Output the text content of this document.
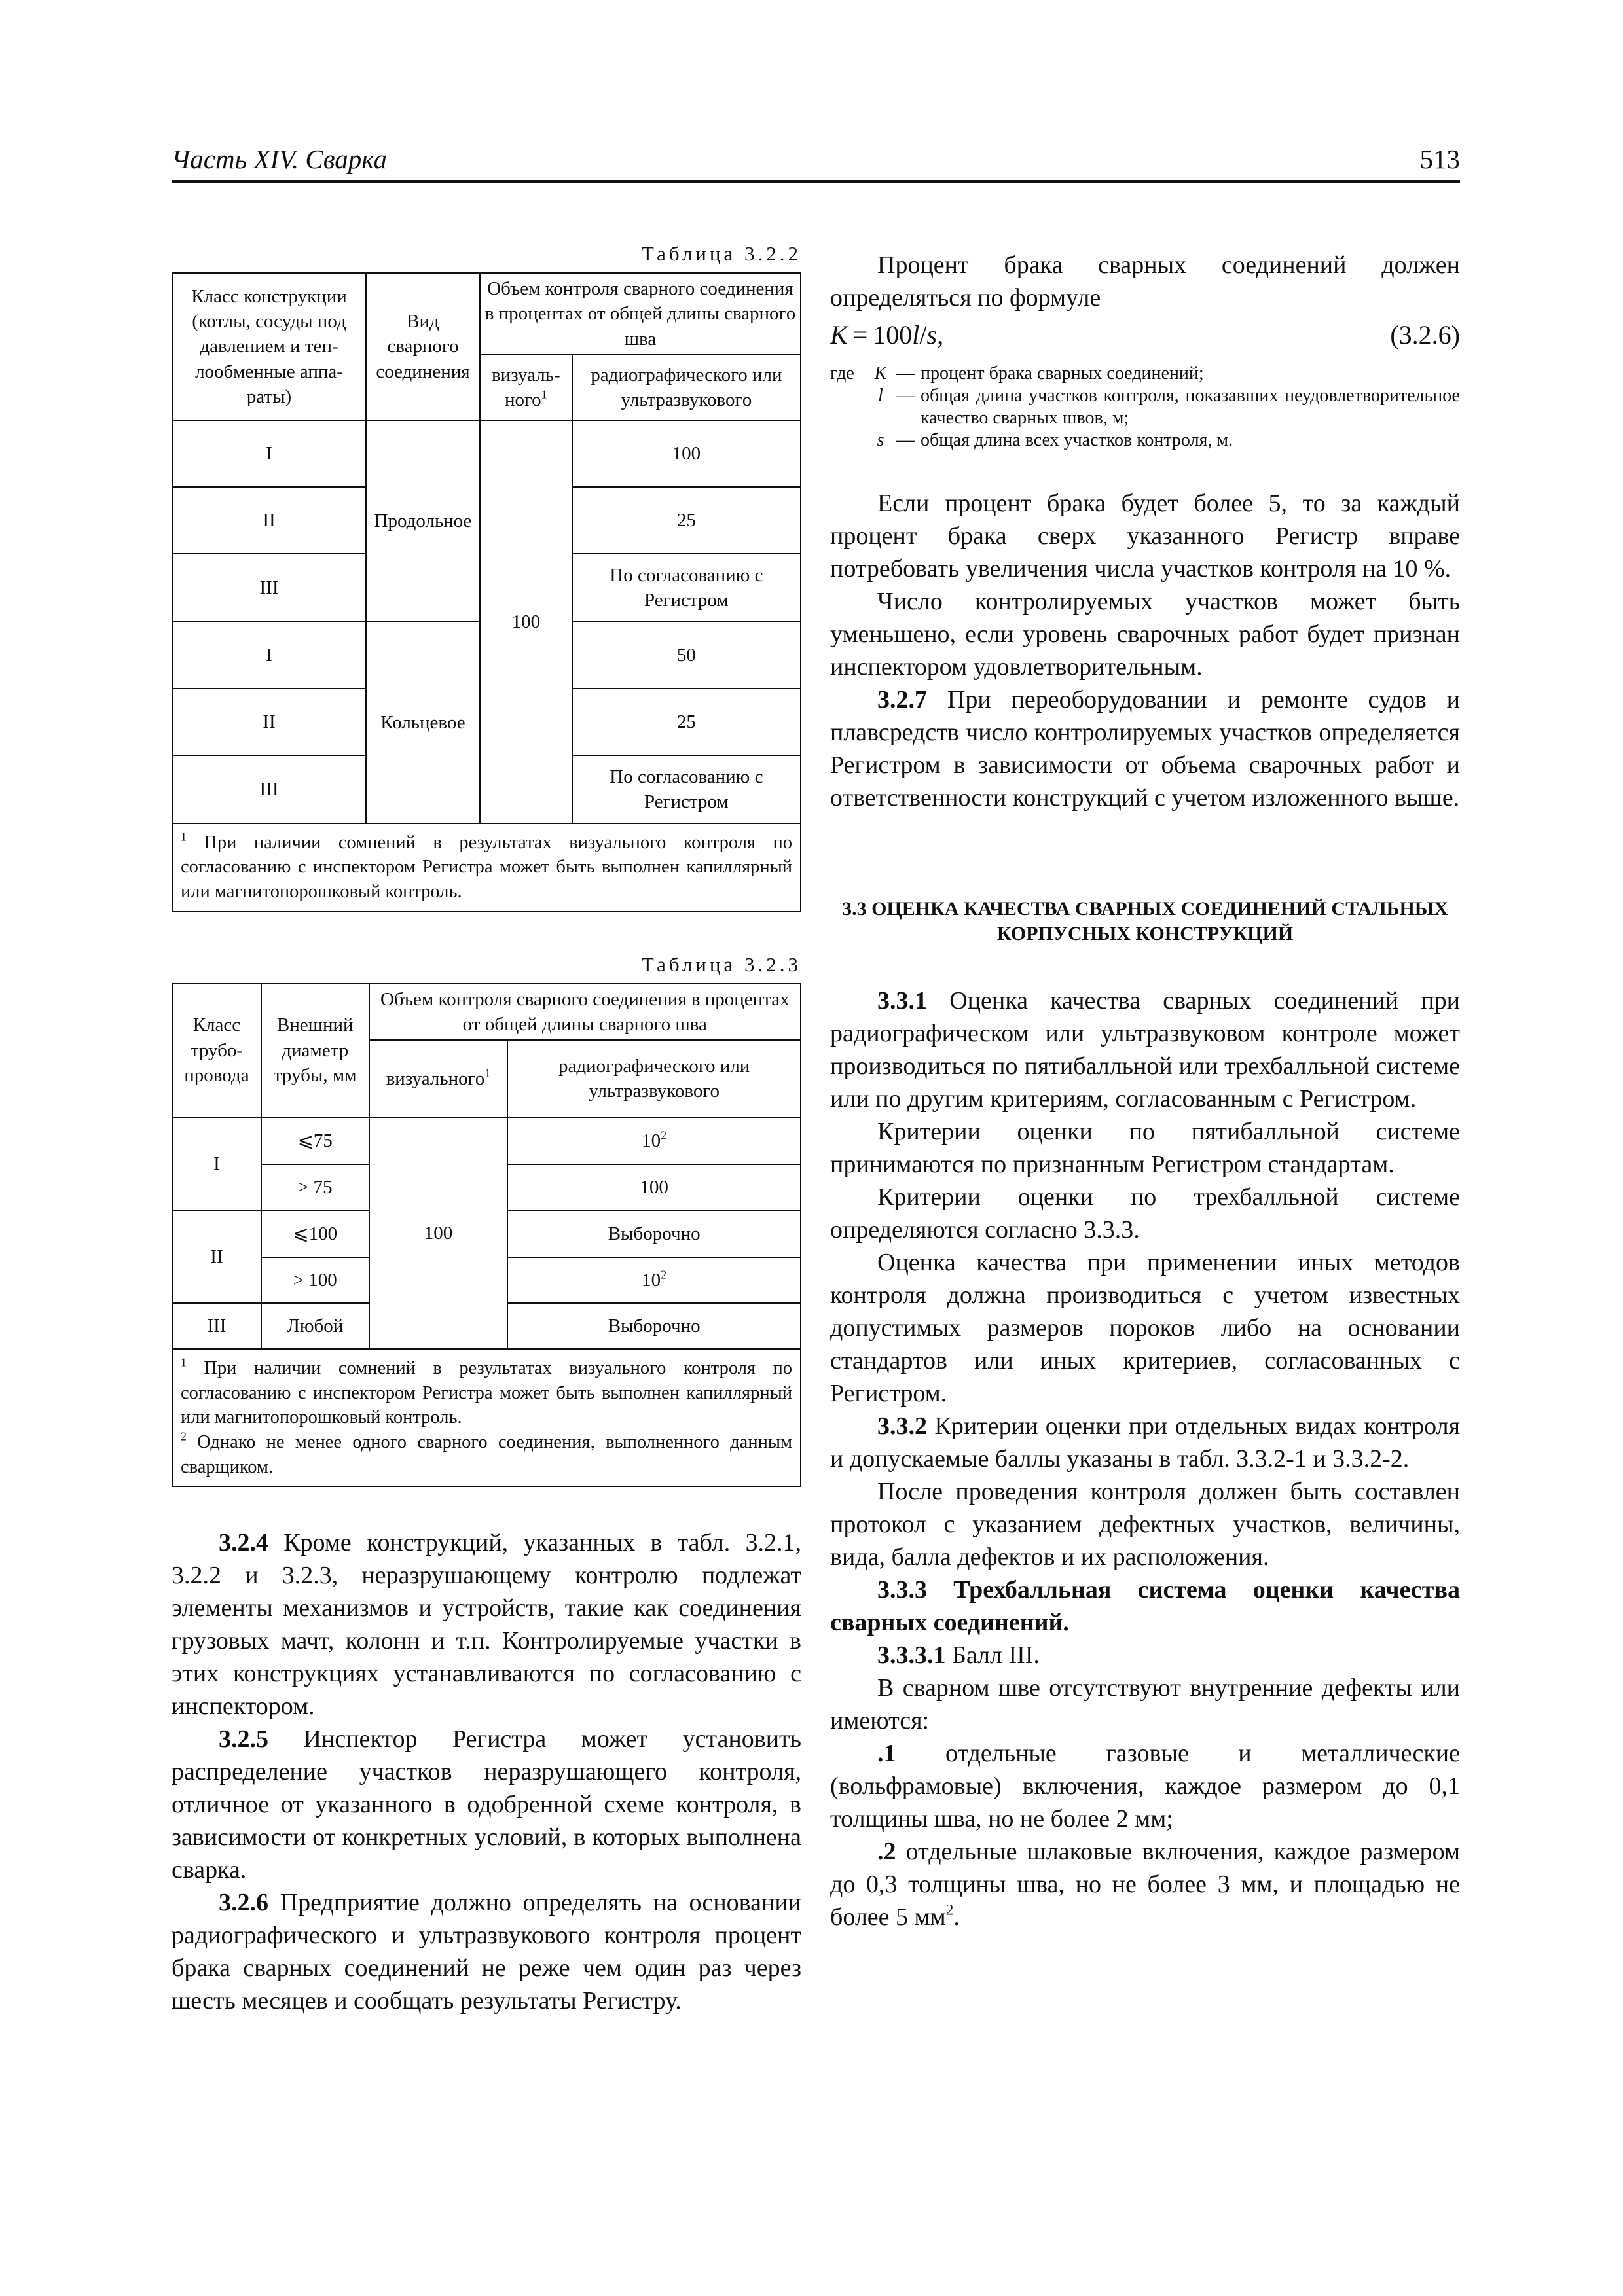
Часть XIV. Сварка	513
Таблица 3.2.2
Класс конструкции (котлы, сосуды под давлением и теп-лообменные аппа-раты)	Вид сварного соединения	Объем контроля сварного соединения в процентах от общей длины сварного шва	
		визуаль-ного$^1$	радиографического или ультразвукового
I	Продольное	100	100
II			25
III			По согласованию с Регистром
I	Кольцевое		50
II			25
III			По согласованию с Регистром
$^1$ При наличии сомнений в результатах визуального контроля по согласованию с инспектором Регистра может быть выполнен капиллярный или магнитопорошковый контроль.			
Таблица 3.2.3
Класс трубо-провода	Внешний диаметр трубы, мм	Объем контроля сварного соединения в процентах от общей длины сварного шва	
		визуального$^1$	радиографического или ультразвукового
I	⩽75	100	$10^2$
	> 75		100
II	⩽100		Выборочно
	> 100		$10^2$
III	Любой		Выборочно

$^1$ При наличии сомнений в результатах визуального контроля по согласованию с инспектором Регистра может быть выполнен капиллярный или магнитопорошковый контроль.

$^2$ Однако не менее одного сварного соединения, выполненного данным сварщиком.			

3.2.4 Кроме конструкций, указанных в табл. 3.2.1, 3.2.2 и 3.2.3, неразрушающему контролю подлежат элементы механизмов и устройств, такие как соединения грузовых мачт, колонн и т.п. Контролируемые участки в этих конструкциях устанавливаются по согласованию с инспектором.

3.2.5 Инспектор Регистра может установить распределение участков неразрушающего контроля, отличное от указанного в одобренной схеме контроля, в зависимости от конкретных условий, в которых выполнена сварка.

3.2.6 Предприятие должно определять на основании радиографического и ультразвукового контроля процент брака сварных соединений не реже чем один раз через шесть месяцев и сообщать результаты Регистру.

Процент брака сварных соединений должен определяться по формуле

K = 100l/s,	(3.2.6)
где	K — процент брака сварных соединений;
l — общая длина участков контроля, показавших неудовлетворительное качество сварных швов, м;
s — общая длина всех участков контроля, м.

Если процент брака будет более 5, то за каждый процент брака сверх указанного Регистр вправе потребовать увеличения числа участков контроля на 10 %.

Число контролируемых участков может быть уменьшено, если уровень сварочных работ будет признан инспектором удовлетворительным.

3.2.7 При переоборудовании и ремонте судов и плавсредств число контролируемых участков определяется Регистром в зависимости от объема сварочных работ и ответственности конструкций с учетом изложенного выше.

3.3 ОЦЕНКА КАЧЕСТВА СВАРНЫХ СОЕДИНЕНИЙ СТАЛЬНЫХ КОРПУСНЫХ КОНСТРУКЦИЙ

3.3.1 Оценка качества сварных соединений при радиографическом или ультразвуковом контроле может производиться по пятибалльной или трехбалльной системе или по другим критериям, согласованным с Регистром.

Критерии оценки по пятибалльной системе принимаются по признанным Регистром стандартам.

Критерии оценки по трехбалльной системе определяются согласно 3.3.3.

Оценка качества при применении иных методов контроля должна производиться с учетом известных допустимых размеров пороков либо на основании стандартов или иных критериев, согласованных с Регистром.

3.3.2 Критерии оценки при отдельных видах контроля и допускаемые баллы указаны в табл. 3.3.2-1 и 3.3.2-2.

После проведения контроля должен быть составлен протокол с указанием дефектных участков, величины, вида, балла дефектов и их расположения.

3.3.3 Трехбалльная система оценки качества сварных соединений.

3.3.3.1 Балл III.

В сварном шве отсутствуют внутренние дефекты или имеются:

.1 отдельные газовые и металлические (вольфрамовые) включения, каждое размером до 0,1 толщины шва, но не более 2 мм;

.2 отдельные шлаковые включения, каждое размером до 0,3 толщины шва, но не более 3 мм, и площадью не более 5 $мм^2$.
